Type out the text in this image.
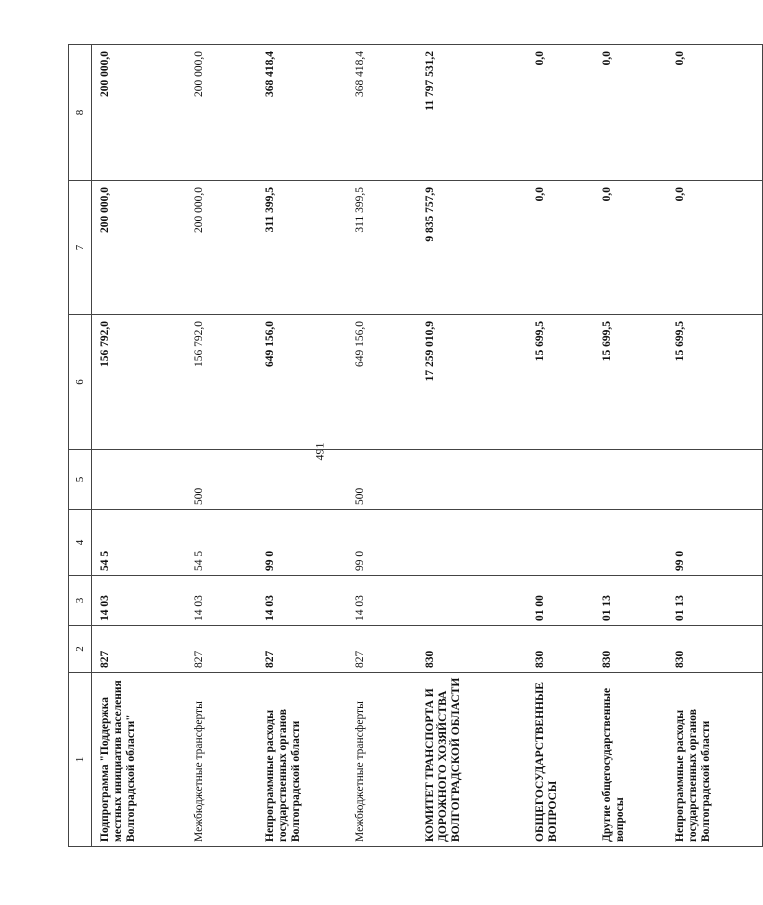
491
1	2	3	4	5	6	7	8
Подпрограмма "Поддержка местных инициатив населения Волгоградской области"	827	14 03	54 5		156 792,0	200 000,0	200 000,0
Межбюджетные трансферты	827	14 03	54 5	500	156 792,0	200 000,0	200 000,0
Непрограммные расходы государственных органов Волгоградской области	827	14 03	99 0		649 156,0	311 399,5	368 418,4
Межбюджетные трансферты	827	14 03	99 0	500	649 156,0	311 399,5	368 418,4
КОМИТЕТ ТРАНСПОРТА И ДОРОЖНОГО ХОЗЯЙСТВА ВОЛГОГРАДСКОЙ ОБЛАСТИ	830				17 259 010,9	9 835 757,9	11 797 531,2
ОБЩЕГОСУДАРСТВЕННЫЕ ВОПРОСЫ	830	01 00			15 699,5	0,0	0,0
Другие общегосударственные вопросы	830	01 13			15 699,5	0,0	0,0
Непрограммные расходы государственных органов Волгоградской области	830	01 13	99 0		15 699,5	0,0	0,0
